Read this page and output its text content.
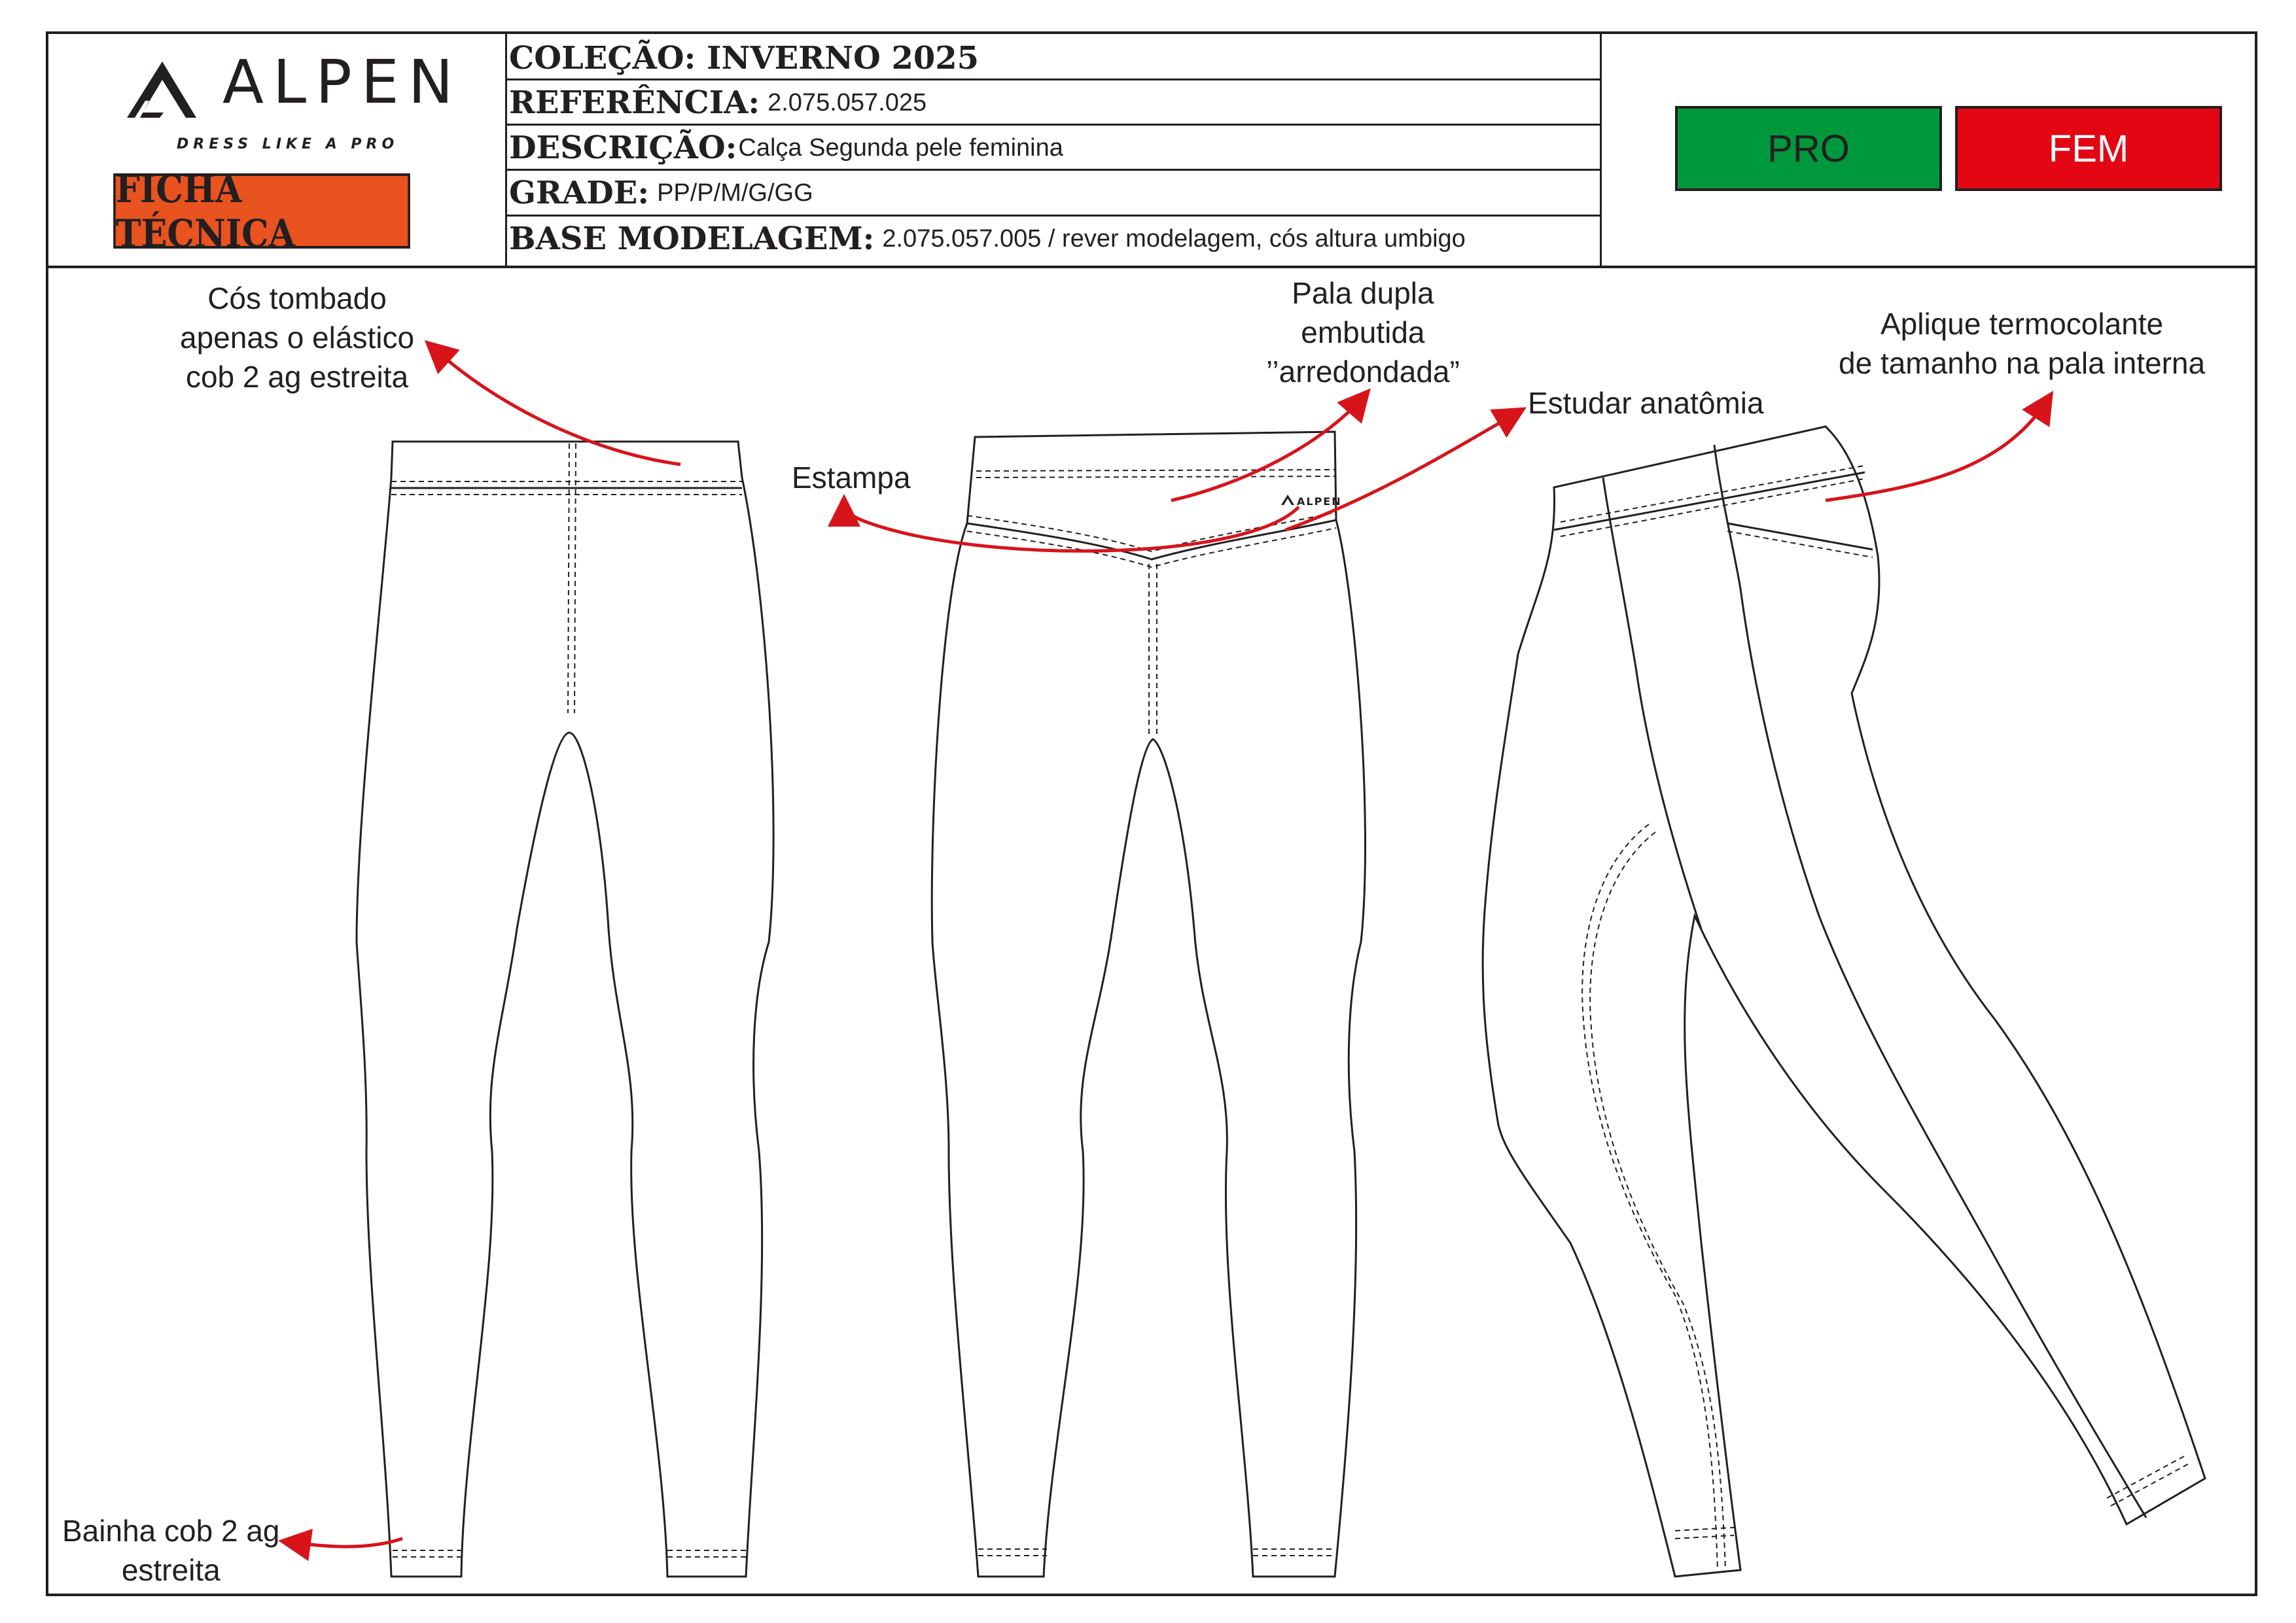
ALPEN
DRESS LIKE A PRO
FICHA TÉCNICA
COLEÇÃO: INVERNO 2025
REFERÊNCIA: 2.075.057.025
DESCRIÇÃO: Calça Segunda pele feminina
GRADE: PP/P/M/G/GG
BASE MODELAGEM: 2.075.057.005 / rever modelagem, cós altura umbigo
PRO	FEM
ALPEN
Cós tombado
apenas o elástico
cob 2 ag estreita
Pala dupla
embutida
’’arredondada”
Estudar anatômia
Estampa
Aplique termocolante
de tamanho na pala interna
Bainha cob 2 ag
estreita
